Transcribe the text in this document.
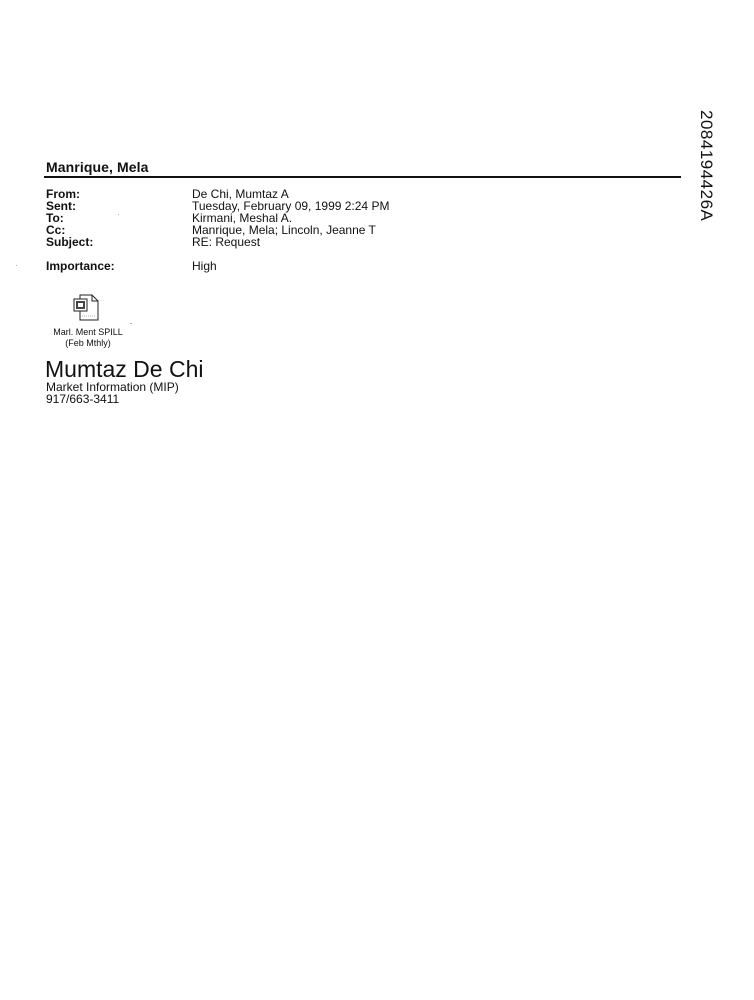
Manrique, Mela
From:	De Chi, Mumtaz A
Sent:	Tuesday, February 09, 1999 2:24 PM
To:	Kirmani, Meshal A.
Cc:	Manrique, Mela; Lincoln, Jeanne T
Subject:	RE: Request
Importance:	High
Marl. Ment SPILL
(Feb Mthly)
Mumtaz De Chi
Market Information (MIP)
917/663-3411
2084194426A
